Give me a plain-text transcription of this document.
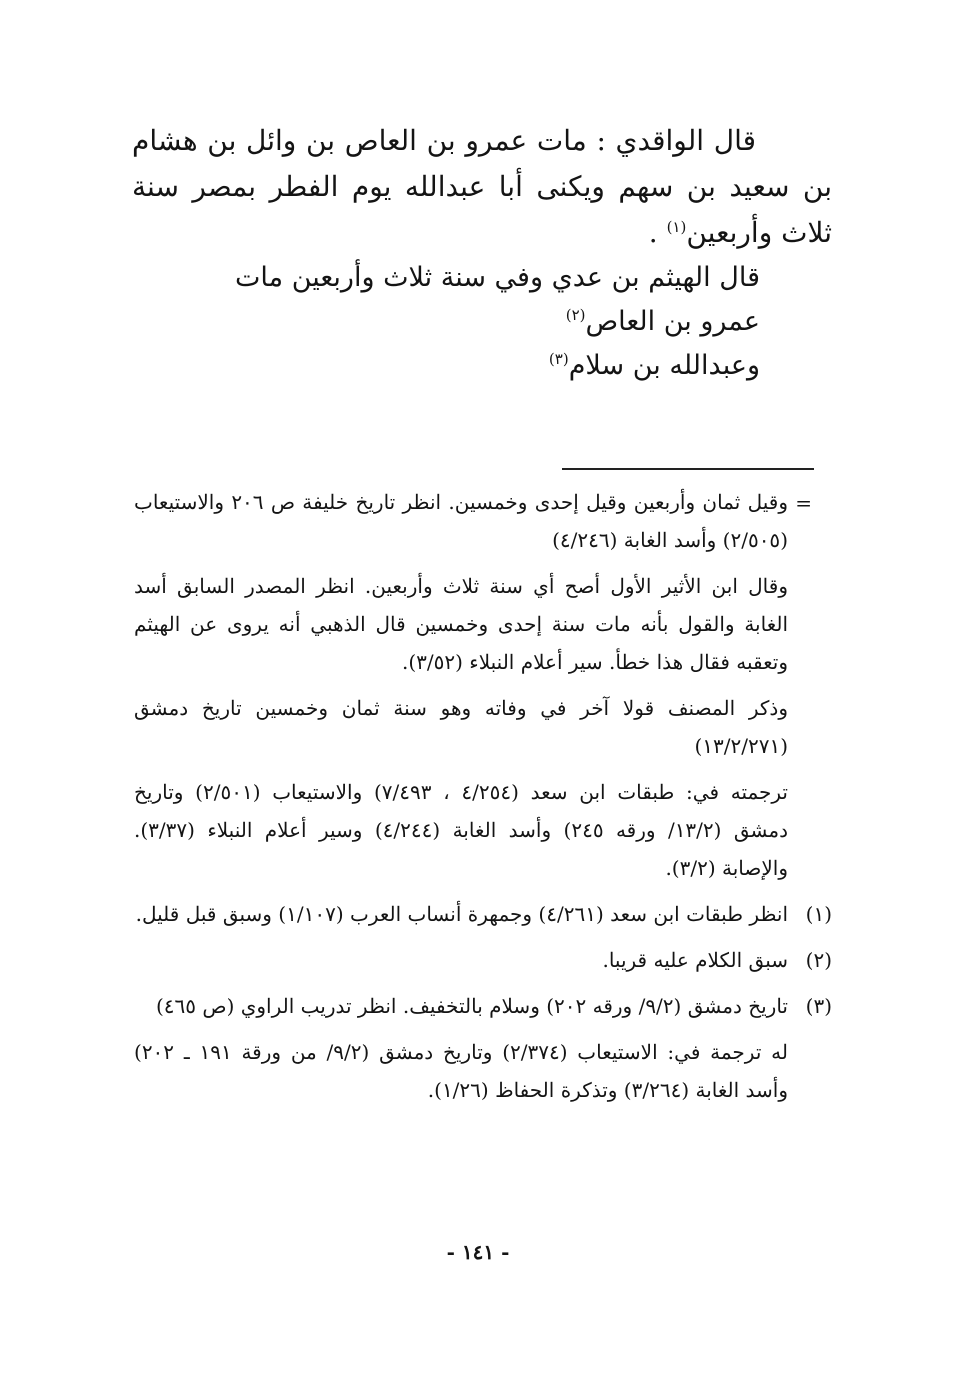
قال الواقدي : مات عمرو بن العاص بن وائل بن هشام بن سعيد بن سهم ويكنى أبا عبدالله يوم الفطر بمصر سنة ثلاث وأربعين$^{(١)}$ .

قال الهيثم بن عدي وفي سنة ثلاث وأربعين مات
عمرو بن العاص$^{(٢)}$
وعبدالله بن سلام$^{(٣)}$
=
وقيل ثمان وأربعين وقيل إحدى وخمسين. انظر تاريخ خليفة ص ٢٠٦ والاستيعاب (٢/٥٠٥) وأسد الغابة (٤/٢٤٦)
وقال ابن الأثير الأول أصح أي سنة ثلاث وأربعين. انظر المصدر السابق أسد الغابة والقول بأنه مات سنة إحدى وخمسين قال الذهبي أنه يروى عن الهيثم وتعقبه فقال هذا خطأ. سير أعلام النبلاء (٣/٥٢).
وذكر المصنف قولا آخر في وفاته وهو سنة ثمان وخمسين تاريخ دمشق (١٣/٢/٢٧١)
ترجمته في: طبقات ابن سعد (٤/٢٥٤ ، ٧/٤٩٣) والاستيعاب (٢/٥٠١) وتاريخ دمشق (١٣/٢/ ورقه ٢٤٥) وأسد الغابة (٤/٢٤٤) وسير أعلام النبلاء (٣/٣٧). والإصابة (٣/٢).
(١)
انظر طبقات ابن سعد (٤/٢٦١) وجمهرة أنساب العرب (١/١٠٧) وسبق قبل قليل.
(٢)
سبق الكلام عليه قريبا.
(٣)
تاريخ دمشق (٩/٢/ ورقه ٢٠٢) وسلام بالتخفيف. انظر تدريب الراوي (ص ٤٦٥)
له ترجمة في: الاستيعاب (٢/٣٧٤) وتاريخ دمشق (٩/٢/ من ورقة ١٩١ ـ ٢٠٢) وأسد الغابة (٣/٢٦٤) وتذكرة الحفاظ (١/٢٦).
- ١٤١ -
